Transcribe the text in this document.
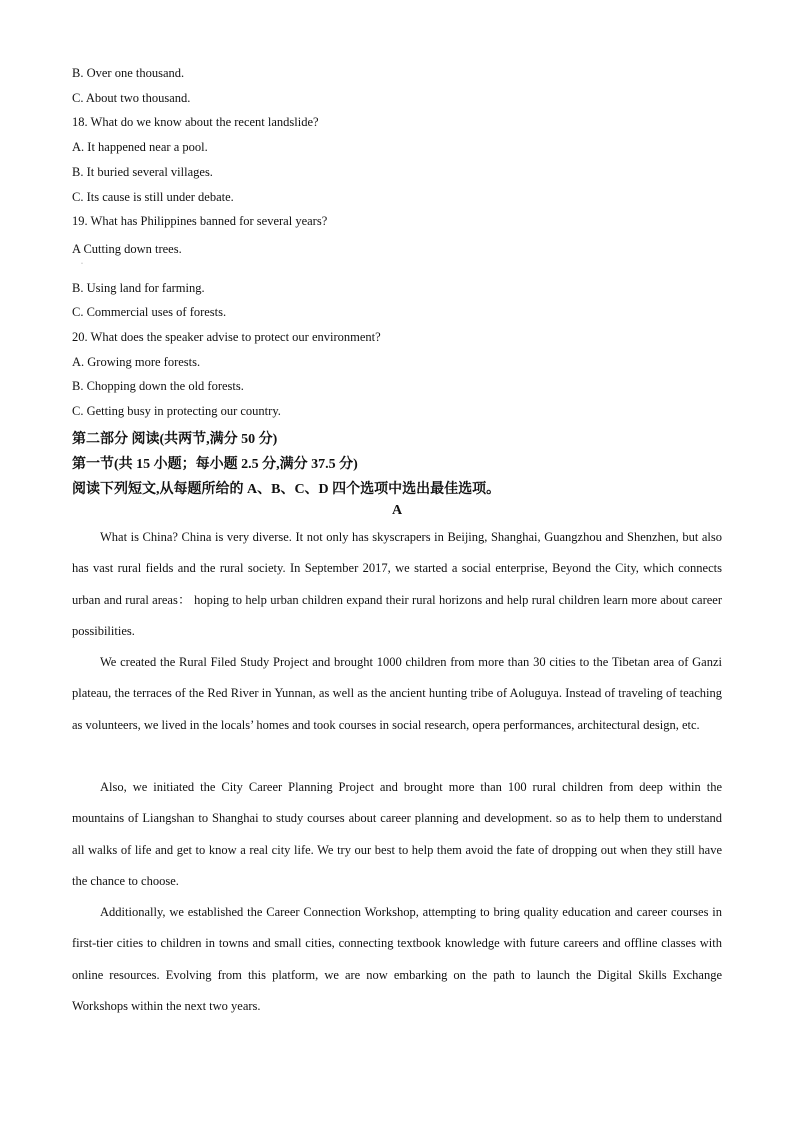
B. Over one thousand.
C. About two thousand.
18. What do we know about the recent landslide?
A. It happened near a pool.
B. It buried several villages.
C. Its cause is still under debate.
19. What has Philippines banned for several years?
A Cutting down trees.
·
B. Using land for farming.
C. Commercial uses of forests.
20. What does the speaker advise to protect our environment?
A. Growing more forests.
B. Chopping down the old forests.
C. Getting busy in protecting our country.
第二部分 阅读(共两节,满分 50 分)
第一节(共 15 小题；每小题 2.5 分,满分 37.5 分)
阅读下列短文,从每题所给的 A、B、C、D 四个选项中选出最佳选项。
A
What is China? China is very diverse. It not only has skyscrapers in Beijing, Shanghai, Guangzhou and Shenzhen, but also has vast rural fields and the rural society. In September 2017, we started a social enterprise, Beyond the City, which connects urban and rural areas： hoping to help urban children expand their rural horizons and help rural children learn more about career possibilities.
We created the Rural Filed Study Project and brought 1000 children from more than 30 cities to the Tibetan area of Ganzi plateau, the terraces of the Red River in Yunnan, as well as the ancient hunting tribe of Aoluguya. Instead of traveling of teaching as volunteers, we lived in the locals’ homes and took courses in social research, opera performances, architectural design, etc.
Also, we initiated the City Career Planning Project and brought more than 100 rural children from deep within the mountains of Liangshan to Shanghai to study courses about career planning and development. so as to help them to understand all walks of life and get to know a real city life. We try our best to help them avoid the fate of dropping out when they still have the chance to choose.
Additionally, we established the Career Connection Workshop, attempting to bring quality education and career courses in first-tier cities to children in towns and small cities, connecting textbook knowledge with future careers and offline classes with online resources. Evolving from this platform, we are now embarking on the path to launch the Digital Skills Exchange Workshops within the next two years.
